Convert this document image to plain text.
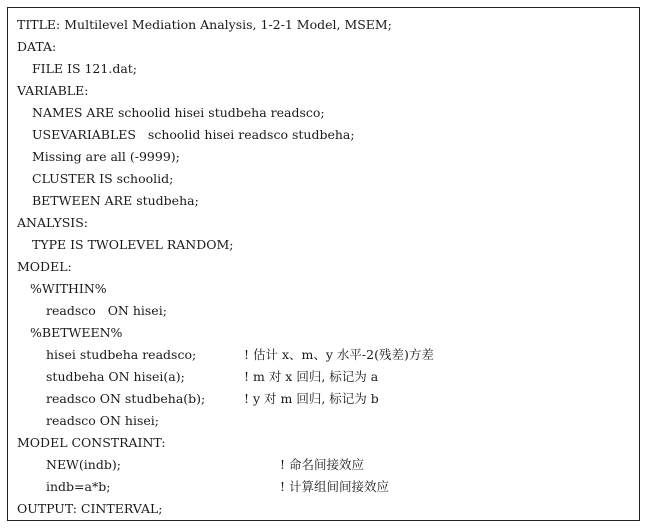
TITLE: Multilevel Mediation Analysis, 1-2-1 Model, MSEM;
DATA:
FILE IS 121.dat;
VARIABLE:
NAMES ARE schoolid hisei studbeha readsco;
USEVARIABLES   schoolid hisei readsco studbeha;
Missing are all (-9999);
CLUSTER IS schoolid;
BETWEEN ARE studbeha;
ANALYSIS:
TYPE IS TWOLEVEL RANDOM;
MODEL:
%WITHIN%
readsco   ON hisei;
%BETWEEN%
hisei studbeha readsco;	! 估计 x、m、y 水平-2(残差)方差
studbeha ON hisei(a);	! m 对 x 回归, 标记为 a
readsco ON studbeha(b);	! y 对 m 回归, 标记为 b
readsco ON hisei;
MODEL CONSTRAINT:
NEW(indb);	! 命名间接效应
indb=a*b;	! 计算组间间接效应
OUTPUT: CINTERVAL;
